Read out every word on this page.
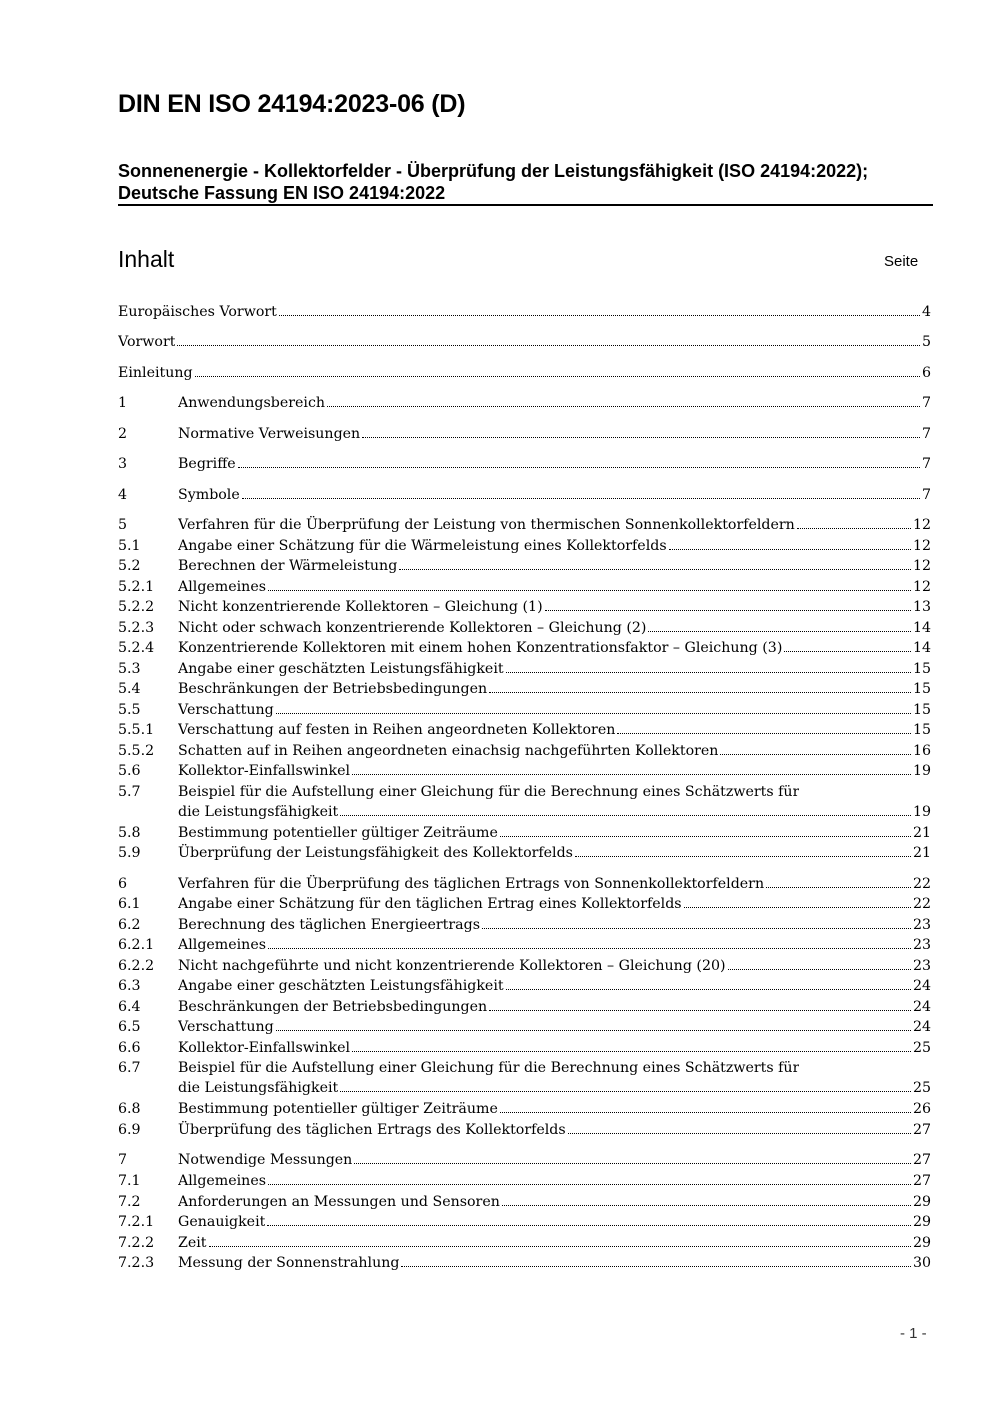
DIN EN ISO 24194:2023-06 (D)
Sonnenenergie - Kollektorfelder - Überprüfung der Leistungsfähigkeit (ISO 24194:2022); Deutsche Fassung EN ISO 24194:2022
Inhalt	Seite
Europäisches Vorwort	4
Vorwort	5
Einleitung	6
1	Anwendungsbereich	7
2	Normative Verweisungen	7
3	Begriffe	7
4	Symbole	7
5	Verfahren für die Überprüfung der Leistung von thermischen Sonnenkollektorfeldern	12
5.1	Angabe einer Schätzung für die Wärmeleistung eines Kollektorfelds	12
5.2	Berechnen der Wärmeleistung	12
5.2.1	Allgemeines	12
5.2.2	Nicht konzentrierende Kollektoren – Gleichung (1)	13
5.2.3	Nicht oder schwach konzentrierende Kollektoren – Gleichung (2)	14
5.2.4	Konzentrierende Kollektoren mit einem hohen Konzentrationsfaktor – Gleichung (3)	14
5.3	Angabe einer geschätzten Leistungsfähigkeit	15
5.4	Beschränkungen der Betriebsbedingungen	15
5.5	Verschattung	15
5.5.1	Verschattung auf festen in Reihen angeordneten Kollektoren	15
5.5.2	Schatten auf in Reihen angeordneten einachsig nachgeführten Kollektoren	16
5.6	Kollektor-Einfallswinkel	19
5.7	Beispiel für die Aufstellung einer Gleichung für die Berechnung eines Schätzwerts für
die Leistungsfähigkeit	19
5.8	Bestimmung potentieller gültiger Zeiträume	21
5.9	Überprüfung der Leistungsfähigkeit des Kollektorfelds	21
6	Verfahren für die Überprüfung des täglichen Ertrags von Sonnenkollektorfeldern	22
6.1	Angabe einer Schätzung für den täglichen Ertrag eines Kollektorfelds	22
6.2	Berechnung des täglichen Energieertrags	23
6.2.1	Allgemeines	23
6.2.2	Nicht nachgeführte und nicht konzentrierende Kollektoren – Gleichung (20)	23
6.3	Angabe einer geschätzten Leistungsfähigkeit	24
6.4	Beschränkungen der Betriebsbedingungen	24
6.5	Verschattung	24
6.6	Kollektor-Einfallswinkel	25
6.7	Beispiel für die Aufstellung einer Gleichung für die Berechnung eines Schätzwerts für
die Leistungsfähigkeit	25
6.8	Bestimmung potentieller gültiger Zeiträume	26
6.9	Überprüfung des täglichen Ertrags des Kollektorfelds	27
7	Notwendige Messungen	27
7.1	Allgemeines	27
7.2	Anforderungen an Messungen und Sensoren	29
7.2.1	Genauigkeit	29
7.2.2	Zeit	29
7.2.3	Messung der Sonnenstrahlung	30
- 1 -
